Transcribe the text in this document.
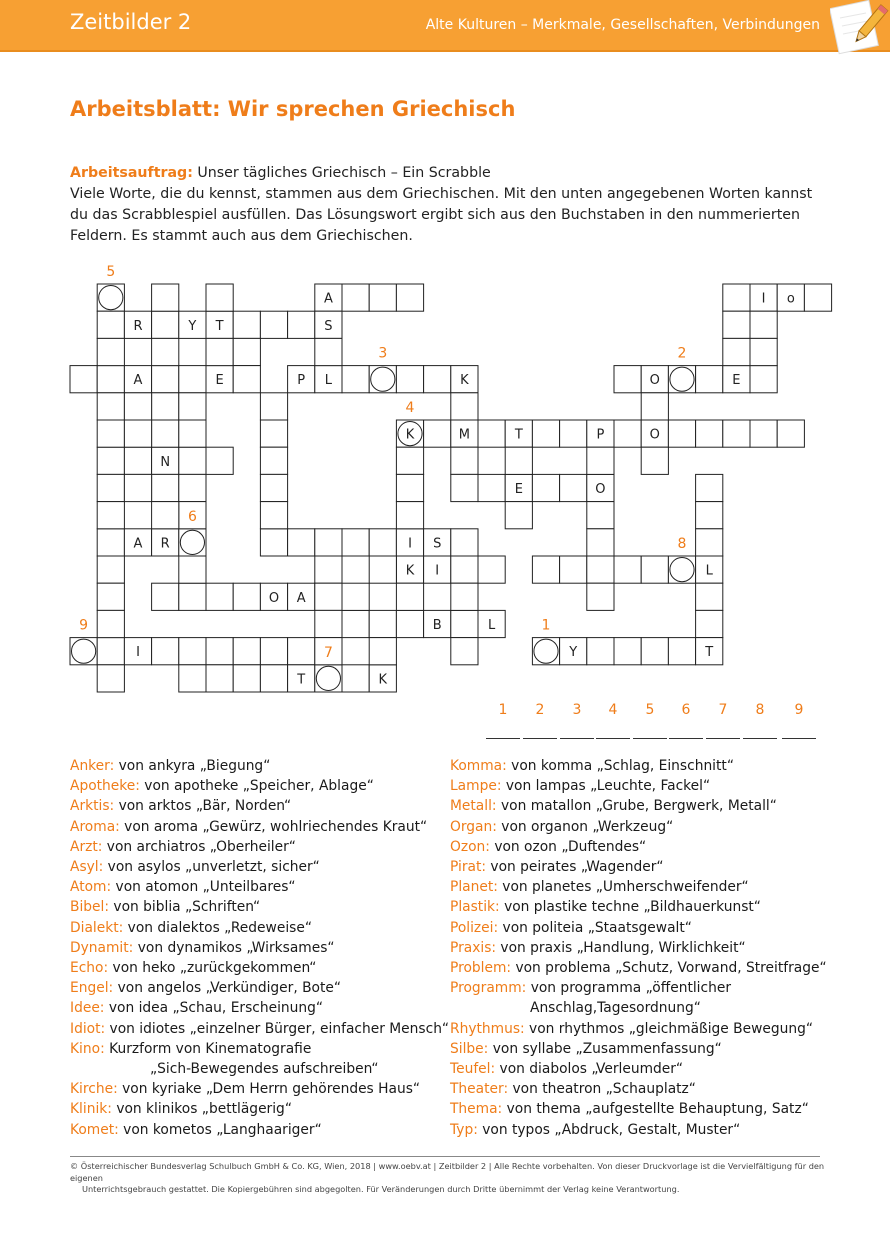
Zeitbilder 2	Alte Kulturen – Merkmale, Gesellschaften, Verbindungen
Arbeitsblatt: Wir sprechen Griechisch

Arbeitsauftrag: Unser tägliches Griechisch – Ein Scrabble

Viele Worte, die du kennst, stammen aus dem Griechischen. Mit den unten angegebenen Worten kannst

du das Scrabblespiel ausfüllen. Das Lösungswort ergibt sich aus den Buchstaben in den nummerierten

Feldern. Es stammt auch aus dem Griechischen.

5
3	2
4
6
8
9	1
7
A	I o
R	Y T	S
A	E	P L	K	O	E
K	M	T	P	O
N
E	O
A R	I S
K I	L
O A
B	L
I	Y	T
T	K
1	2	3	4	5	6	7	8	9
Anker: von ankyra „Biegung“
Apotheke: von apotheke „Speicher, Ablage“
Arktis: von arktos „Bär, Norden“
Aroma: von aroma „Gewürz, wohlriechendes Kraut“
Arzt: von archiatros „Oberheiler“
Asyl: von asylos „unverletzt, sicher“
Atom: von atomon „Unteilbares“
Bibel: von biblia „Schriften“
Dialekt: von dialektos „Redeweise“
Dynamit: von dynamikos „Wirksames“
Echo: von heko „zurückgekommen“
Engel: von angelos „Verkündiger, Bote“
Idee: von idea „Schau, Erscheinung“
Idiot: von idiotes „einzelner Bürger, einfacher Mensch“
Kino: Kurzform von Kinematografie
„Sich-Bewegendes aufschreiben“
Kirche: von kyriake „Dem Herrn gehörendes Haus“
Klinik: von klinikos „bettlägerig“
Komet: von kometos „Langhaariger“
Komma: von komma „Schlag, Einschnitt“
Lampe: von lampas „Leuchte, Fackel“
Metall: von matallon „Grube, Bergwerk, Metall“
Organ: von organon „Werkzeug“
Ozon: von ozon „Duftendes“
Pirat: von peirates „Wagender“
Planet: von planetes „Umherschweifender“
Plastik: von plastike techne „Bildhauerkunst“
Polizei: von politeia „Staatsgewalt“
Praxis: von praxis „Handlung, Wirklichkeit“
Problem: von problema „Schutz, Vorwand, Streitfrage“
Programm: von programma „öffentlicher
Anschlag,Tagesordnung“
Rhythmus: von rhythmos „gleichmäßige Bewegung“
Silbe: von syllabe „Zusammenfassung“
Teufel: von diabolos „Verleumder“
Theater: von theatron „Schauplatz“
Thema: von thema „aufgestellte Behauptung, Satz“
Typ: von typos „Abdruck, Gestalt, Muster“
© Österreichischer Bundesverlag Schulbuch GmbH & Co. KG, Wien, 2018 | www.oebv.at | Zeitbilder 2 | Alle Rechte vorbehalten. Von dieser Druckvorlage ist die Vervielfältigung für den eigenen
Unterrichtsgebrauch gestattet. Die Kopiergebühren sind abgegolten. Für Veränderungen durch Dritte übernimmt der Verlag keine Verantwortung.
